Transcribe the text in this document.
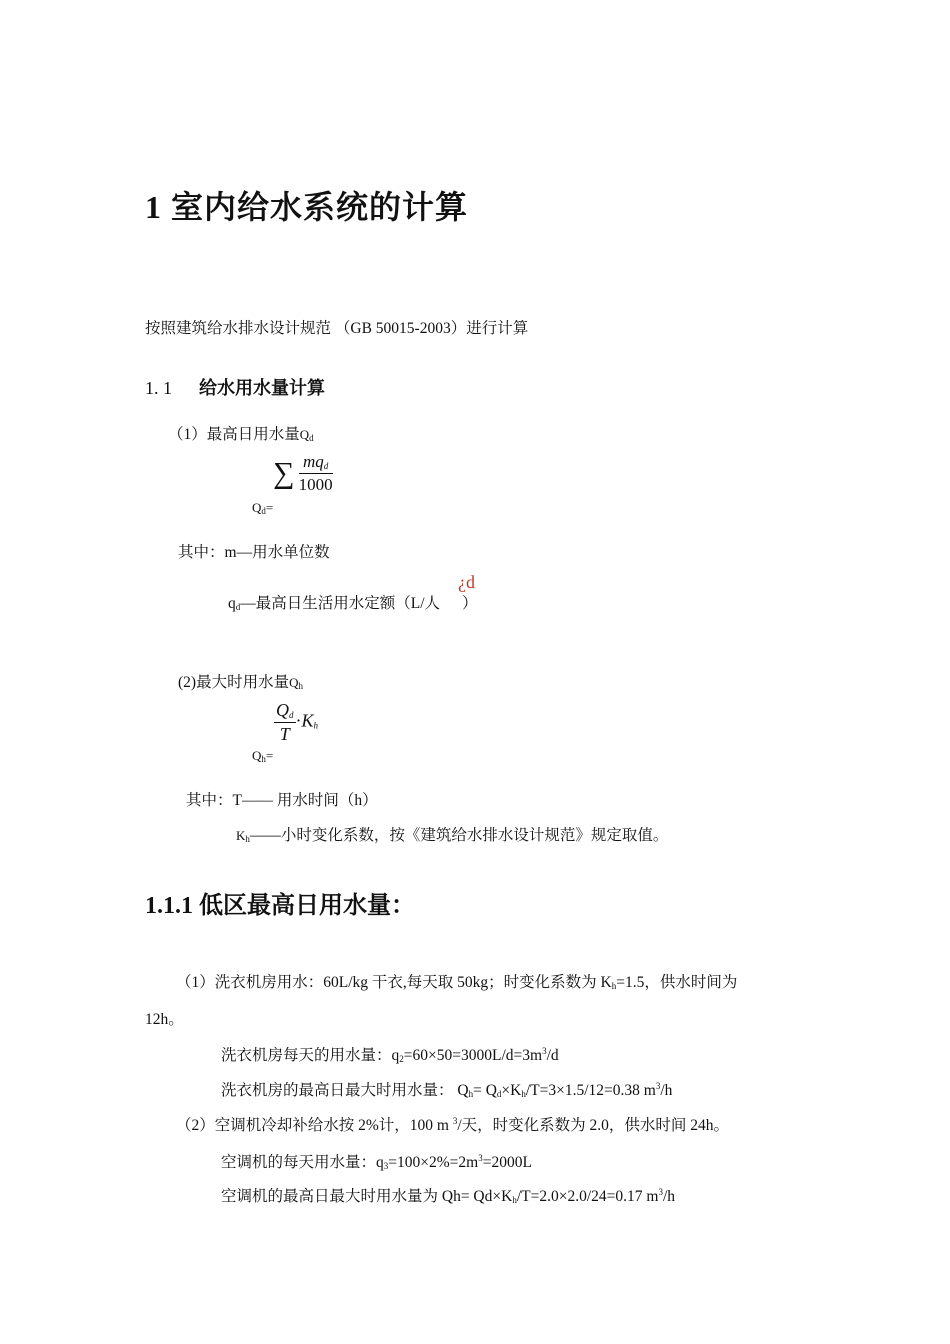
1 室内给水系统的计算
按照建筑给水排水设计规范 （GB 50015-2003）进行计算
1. 1 给水用水量计算
（1）最高日用水量$Q_d$
∑ $\frac{mq_d}{1000}$
$Q_d=$
其中：m—用水单位数
$q_d—$最高日生活用水定额（L/人 ）
¿d
(2)最大时用水量$Q_h$
$\frac{Q_d}{T} \cdot K_h$
$Q_h=$
其中：T—— 用水时间（h）
$K_h——$小时变化系数，按《建筑给水排水设计规范》规定取值。
1.1.1 低区最高日用水量：
（1）洗衣机房用水：60L/kg 干衣,每天取 50kg；时变化系数为 $K_h=1.5$，供水时间为
12h。
洗衣机房每天的用水量：$q_2=60\times 50=3000L/d=3m^3/d$
洗衣机房的最高日最大时用水量： $Q_h= Q_d\times K_h/T=3\times 1.5/12=0.38$ $m^3/h$
（2）空调机冷却补给水按 2%计，100 m $^3$/天，时变化系数为 2.0，供水时间 24h。
空调机的每天用水量：$q_3=100\times 2\%=2m^3=2000L$
空调机的最高日最大时用水量为 $Qh= Qd\times K_h/T=2.0\times 2.0/24=0.17$ $m^3/h$
